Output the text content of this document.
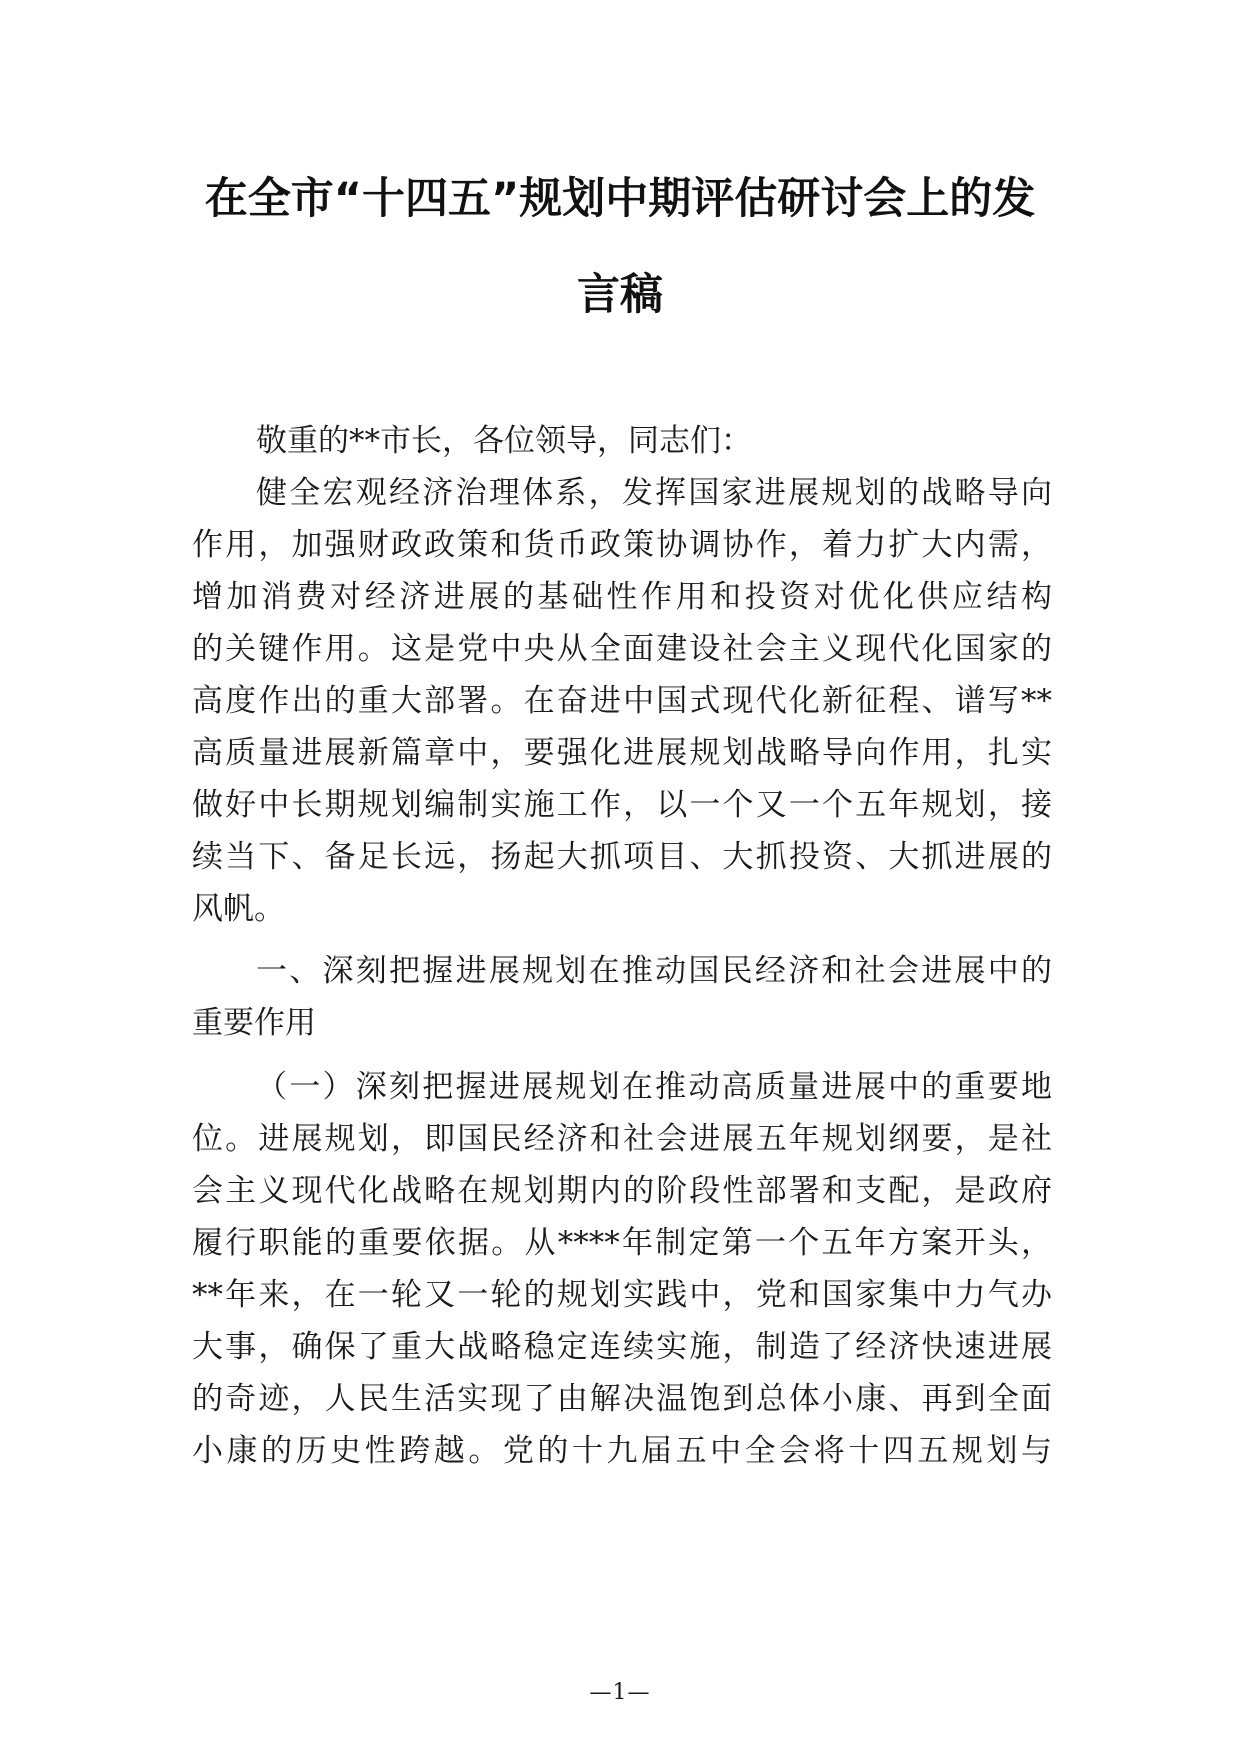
在全市“十四五”规划中期评估研讨会上的发
言稿
敬重的**市长，各位领导，同志们：
健全宏观经济治理体系，发挥国家进展规划的战略导向
作用，加强财政政策和货币政策协调协作，着力扩大内需，
增加消费对经济进展的基础性作用和投资对优化供应结构
的关键作用。这是党中央从全面建设社会主义现代化国家的
高度作出的重大部署。在奋进中国式现代化新征程、谱写**
高质量进展新篇章中，要强化进展规划战略导向作用，扎实
做好中长期规划编制实施工作，以一个又一个五年规划，接
续当下、备足长远，扬起大抓项目、大抓投资、大抓进展的
风帆。
一、深刻把握进展规划在推动国民经济和社会进展中的
重要作用
（一）深刻把握进展规划在推动高质量进展中的重要地
位。进展规划，即国民经济和社会进展五年规划纲要，是社
会主义现代化战略在规划期内的阶段性部署和支配，是政府
履行职能的重要依据。从****年制定第一个五年方案开头，
**年来，在一轮又一轮的规划实践中，党和国家集中力气办
大事，确保了重大战略稳定连续实施，制造了经济快速进展
的奇迹，人民生活实现了由解决温饱到总体小康、再到全面
小康的历史性跨越。党的十九届五中全会将十四五规划与
—1—
